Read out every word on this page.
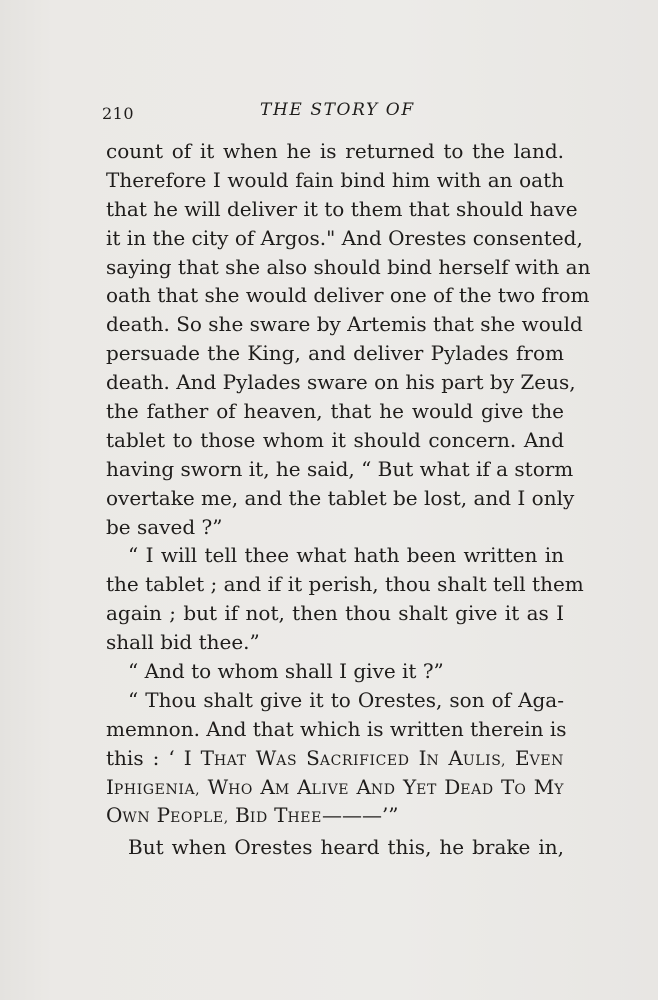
210	THE STORY OF
count of it when he is returned to the land.
Therefore I would fain bind him with an oath
that he will deliver it to them that should have
it in the city of Argos." And Orestes consented,
saying that she also should bind herself with an
oath that she would deliver one of the two from
death. So she sware by Artemis that she would
persuade the King, and deliver Pylades from
death. And Pylades sware on his part by Zeus,
the father of heaven, that he would give the
tablet to those whom it should concern. And
having sworn it, he said, “ But what if a storm
overtake me, and the tablet be lost, and I only
be saved ?”
“ I will tell thee what hath been written in
the tablet ; and if it perish, thou shalt tell them
again ; but if not, then thou shalt give it as I
shall bid thee.”
“ And to whom shall I give it ?”
“ Thou shalt give it to Orestes, son of Aga-
memnon. And that which is written therein is
this : ‘ I THAT WAS SACRIFICED IN AULIS, EVEN
IPHIGENIA, WHO AM ALIVE AND YET DEAD TO MY
OWN PEOPLE, BID THEE———’”
But when Orestes heard this, he brake in,
